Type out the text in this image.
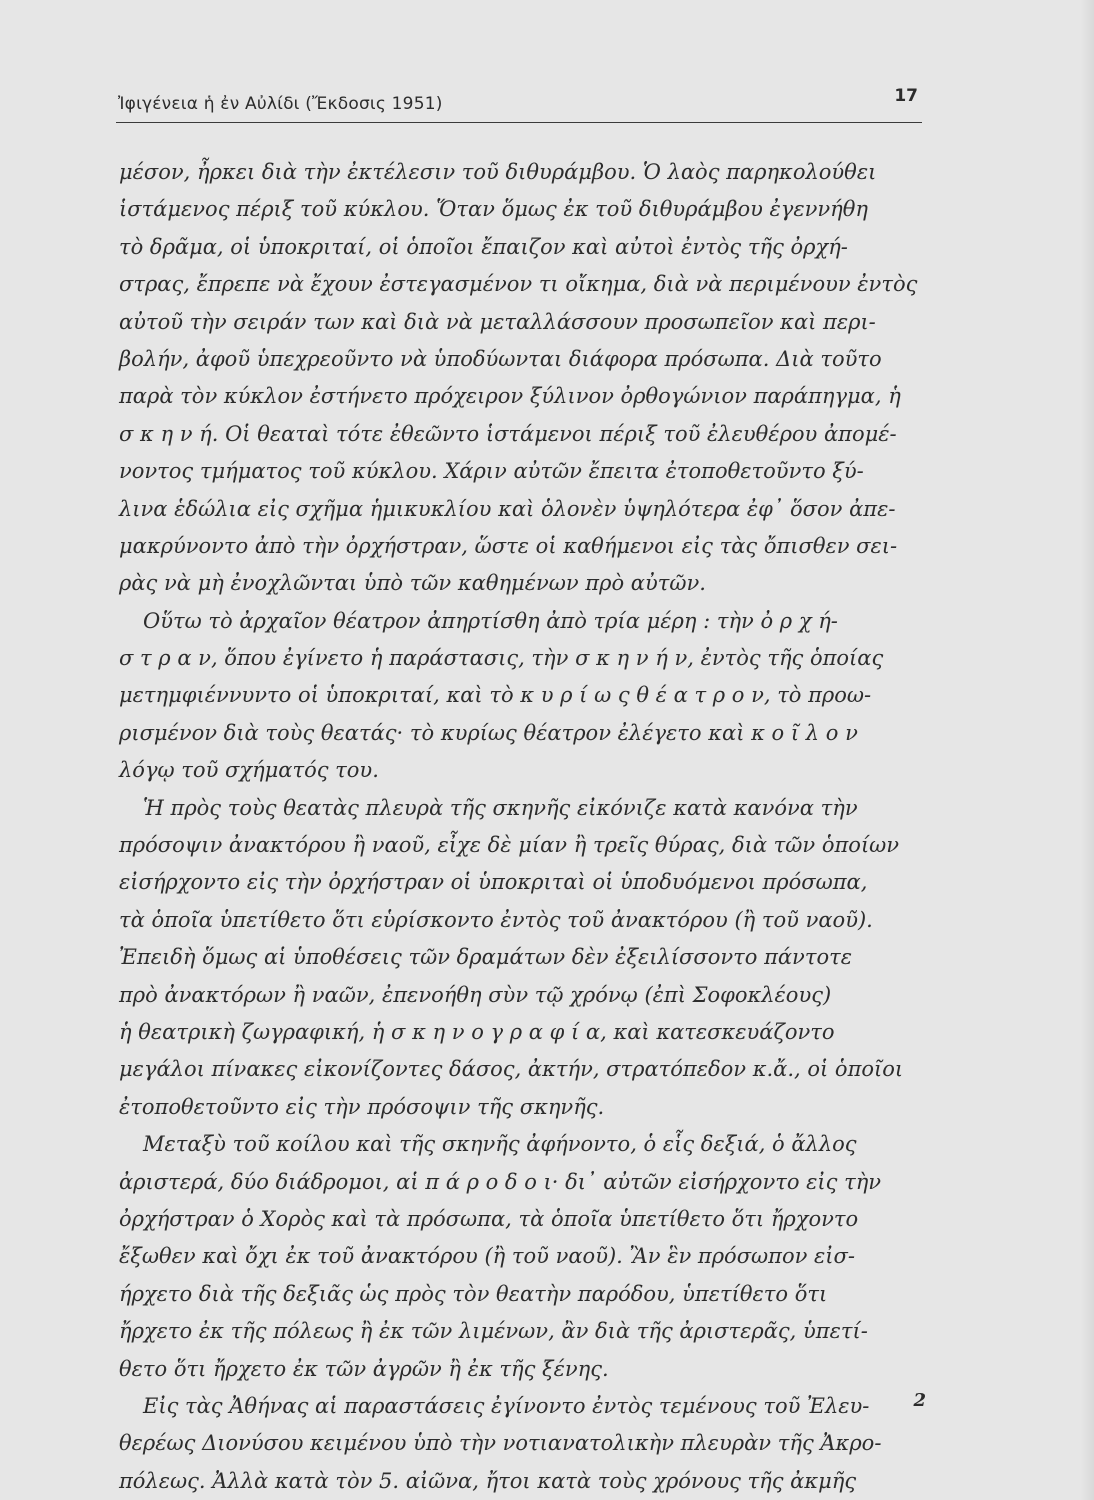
Ἰφιγένεια ἡ ἐν Αὐλίδι (Ἔκδοσις 1951)	17
μέσον, ἦρκει διὰ τὴν ἐκτέλεσιν τοῦ διθυράμβου. Ὁ λαὸς παρηκολούθει
ἱστάμενος πέριξ τοῦ κύκλου. Ὅταν ὅμως ἐκ τοῦ διθυράμβου ἐγεννήθη
τὸ δρᾶμα, οἱ ὑποκριταί, οἱ ὁποῖοι ἔπαιζον καὶ αὐτοὶ ἐντὸς τῆς ὀρχή-
στρας, ἔπρεπε νὰ ἔχουν ἐστεγασμένον τι οἴκημα, διὰ νὰ περιμένουν ἐντὸς
αὐτοῦ τὴν σειράν των καὶ διὰ νὰ μεταλλάσσουν προσωπεῖον καὶ περι-
βολήν, ἀφοῦ ὑπεχρεοῦντο νὰ ὑποδύωνται διάφορα πρόσωπα. Διὰ τοῦτο
παρὰ τὸν κύκλον ἐστήνετο πρόχειρον ξύλινον ὀρθογώνιον παράπηγμα, ἡ
σ κ η ν ή. Οἱ θεαταὶ τότε ἐθεῶντο ἱστάμενοι πέριξ τοῦ ἐλευθέρου ἀπομέ-
νοντος τμήματος τοῦ κύκλου. Χάριν αὐτῶν ἔπειτα ἐτοποθετοῦντο ξύ-
λινα ἑδώλια εἰς σχῆμα ἡμικυκλίου καὶ ὁλονὲν ὑψηλότερα ἐφ᾽ ὅσον ἀπε-
μακρύνοντο ἀπὸ τὴν ὀρχήστραν, ὥστε οἱ καθήμενοι εἰς τὰς ὄπισθεν σει-
ρὰς νὰ μὴ ἐνοχλῶνται ὑπὸ τῶν καθημένων πρὸ αὐτῶν.
Οὕτω τὸ ἀρχαῖον θέατρον ἀπηρτίσθη ἀπὸ τρία μέρη : τὴν ὀ ρ χ ή-
σ τ ρ α ν, ὅπου ἐγίνετο ἡ παράστασις, τὴν σ κ η ν ή ν, ἐντὸς τῆς ὁποίας
μετημφιέννυντο οἱ ὑποκριταί, καὶ τὸ κ υ ρ ί ω ς θ έ α τ ρ ο ν, τὸ προω-
ρισμένον διὰ τοὺς θεατάς· τὸ κυρίως θέατρον ἐλέγετο καὶ κ ο ῖ λ ο ν
λόγῳ τοῦ σχήματός του.
Ἡ πρὸς τοὺς θεατὰς πλευρὰ τῆς σκηνῆς εἰκόνιζε κατὰ κανόνα τὴν
πρόσοψιν ἀνακτόρου ἢ ναοῦ, εἶχε δὲ μίαν ἢ τρεῖς θύρας, διὰ τῶν ὁποίων
εἰσήρχοντο εἰς τὴν ὀρχήστραν οἱ ὑποκριταὶ οἱ ὑποδυόμενοι πρόσωπα,
τὰ ὁποῖα ὑπετίθετο ὅτι εὑρίσκοντο ἐντὸς τοῦ ἀνακτόρου (ἢ τοῦ ναοῦ).
Ἐπειδὴ ὅμως αἱ ὑποθέσεις τῶν δραμάτων δὲν ἐξειλίσσοντο πάντοτε
πρὸ ἀνακτόρων ἢ ναῶν, ἐπενοήθη σὺν τῷ χρόνῳ (ἐπὶ Σοφοκλέους)
ἡ θεατρικὴ ζωγραφική, ἡ σ κ η ν ο γ ρ α φ ί α, καὶ κατεσκευάζοντο
μεγάλοι πίνακες εἰκονίζοντες δάσος, ἀκτήν, στρατόπεδον κ.ἄ., οἱ ὁποῖοι
ἐτοποθετοῦντο εἰς τὴν πρόσοψιν τῆς σκηνῆς.
Μεταξὺ τοῦ κοίλου καὶ τῆς σκηνῆς ἀφήνοντο, ὁ εἷς δεξιά, ὁ ἄλλος
ἀριστερά, δύο διάδρομοι, αἱ π ά ρ ο δ ο ι· δι᾽ αὐτῶν εἰσήρχοντο εἰς τὴν
ὀρχήστραν ὁ Χορὸς καὶ τὰ πρόσωπα, τὰ ὁποῖα ὑπετίθετο ὅτι ἤρχοντο
ἔξωθεν καὶ ὄχι ἐκ τοῦ ἀνακτόρου (ἢ τοῦ ναοῦ). Ἂν ἓν πρόσωπον εἰσ-
ήρχετο διὰ τῆς δεξιᾶς ὡς πρὸς τὸν θεατὴν παρόδου, ὑπετίθετο ὅτι
ἤρχετο ἐκ τῆς πόλεως ἢ ἐκ τῶν λιμένων, ἂν διὰ τῆς ἀριστερᾶς, ὑπετί-
θετο ὅτι ἤρχετο ἐκ τῶν ἀγρῶν ἢ ἐκ τῆς ξένης.
Εἰς τὰς Ἀθήνας αἱ παραστάσεις ἐγίνοντο ἐντὸς τεμένους τοῦ Ἐλευ-
θερέως Διονύσου κειμένου ὑπὸ τὴν νοτιανατολικὴν πλευρὰν τῆς Ἀκρο-
πόλεως. Ἀλλὰ κατὰ τὸν 5. αἰῶνα, ἤτοι κατὰ τοὺς χρόνους τῆς ἀκμῆς
2
